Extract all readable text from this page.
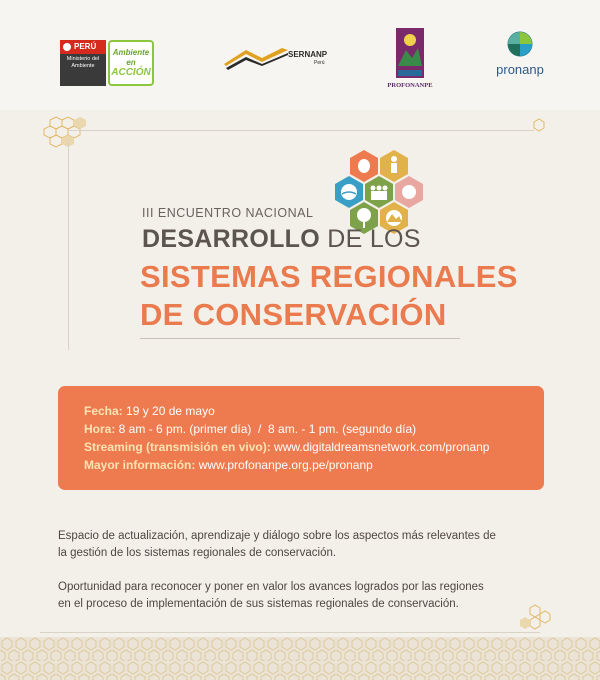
PERÚ
Ministerio del Ambiente
Ambiente
en
ACCIÓN
SERNANP
Perú
PROFONANPE
pronanp
III ENCUENTRO NACIONAL
DESARROLLO DE LOS
SISTEMAS REGIONALES
DE CONSERVACIÓN
Fecha: 19 y 20 de mayo
Hora: 8 am - 6 pm. (primer día)  /  8 am. - 1 pm. (segundo día)
Streaming (transmisión en vivo): www.digitaldreamsnetwork.com/pronanp
Mayor información: www.profonanpe.org.pe/pronanp

Espacio de actualización, aprendizaje y diálogo sobre los aspectos más relevantes de
la gestión de los sistemas regionales de conservación.

Oportunidad para reconocer y poner en valor los avances logrados por las regiones
en el proceso de implementación de sus sistemas regionales de conservación.
